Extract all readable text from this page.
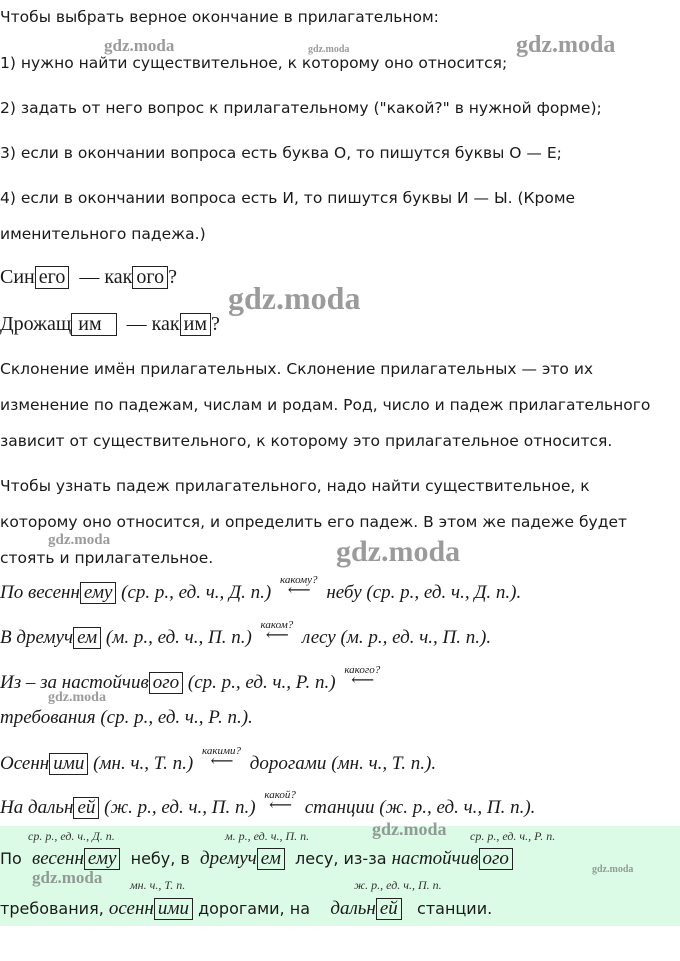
Чтобы выбрать верное окончание в прилагательном:
1) нужно найти существительное, к которому оно относится;
2) задать от него вопрос к прилагательному ("какой?" в нужной форме);
3) если в окончании вопроса есть буква О, то пишутся буквы О — Е;
4) если в окончании вопроса есть И, то пишутся буквы И — Ы. (Кроме
именительного падежа.)
Син его — как ого ?
Дрожащ им — как им ?
Склонение имён прилагательных. Склонение прилагательных — это их
изменение по падежам, числам и родам. Род, число и падеж прилагательного
зависит от существительного, к которому это прилагательное относится.
Чтобы узнать падеж прилагательного, надо найти существительное, к
которому оно относится, и определить его падеж. В этом же падеже будет
стоять и прилагательное.
По весенн ему (ср. р., ед. ч., Д. п.)
какому?
⟵ небу (ср. р., ед. ч., Д. п.).
В дремуч ем (м. р., ед. ч., П. п.)
каком?
⟵ лесу (м. р., ед. ч., П. п.).
Из – за настойчив ого (ср. р., ед. ч., Р. п.)
какого?
⟵
требования (ср. р., ед. ч., Р. п.).
Осенн ими (мн. ч., Т. п.)
какими?
⟵ дорогами (мн. ч., Т. п.).
На дальн ей (ж. р., ед. ч., П. п.)
какой?
⟵ станции (ж. р., ед. ч., П. п.).
ср. р., ед. ч., Д. п.	м. р., ед. ч., П. п.	ср. р., ед. ч., Р. п.
По весенн ему небу, в дремуч ем лесу, из-за настойчив ого
мн. ч., Т. п.	ж. р., ед. ч., П. п.
требования, осенн ими дорогами, на дальн ей станции.
gdz.moda	gdz.moda	gdz.moda
gdz.moda
gdz.moda	gdz.moda
gdz.moda
gdz.moda
gdz.moda	gdz.moda
